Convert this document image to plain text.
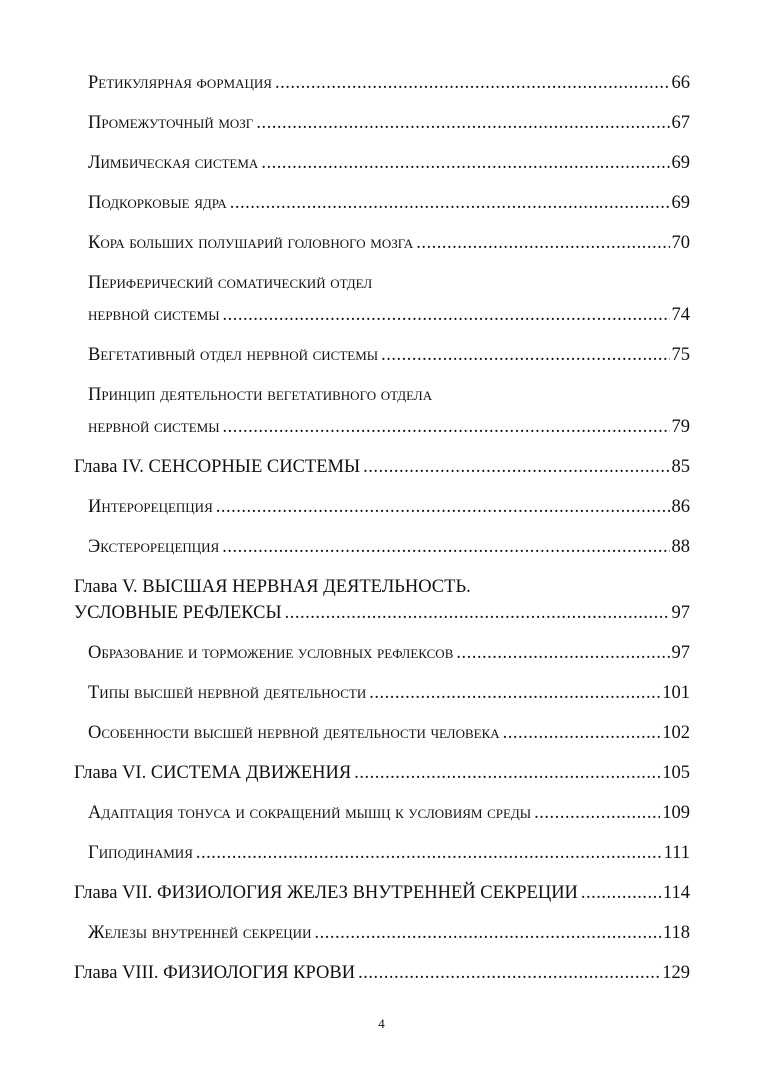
Ретикулярная формация .....	66
Промежуточный мозг .....	67
Лимбическая система .....	69
Подкорковые ядра .....	69
Кора больших полушарий головного мозга .....	70
Периферический соматический отдел
нервной системы .....	74
Вегетативный отдел нервной системы .....	75
Принцип деятельности вегетативного отдела
нервной системы .....	79
Глава IV. СЕНСОРНЫЕ СИСТЕМЫ .....	85
Интерорецепция .....	86
Экстерорецепция .....	88
Глава V. ВЫСШАЯ НЕРВНАЯ ДЕЯТЕЛЬНОСТЬ.
УСЛОВНЫЕ РЕФЛЕКСЫ .....	97
Образование и торможение условных рефлексов .....	97
Типы высшей нервной деятельности .....	101
Особенности высшей нервной деятельности человека .....	102
Глава VI. СИСТЕМА ДВИЖЕНИЯ .....	105
Адаптация тонуса и сокращений мышц к условиям среды .....	109
Гиподинамия .....	111
Глава VII. ФИЗИОЛОГИЯ ЖЕЛЕЗ ВНУТРЕННЕЙ СЕКРЕЦИИ .....	114
Железы внутренней секреции .....	118
Глава VIII. ФИЗИОЛОГИЯ КРОВИ .....	129
4
